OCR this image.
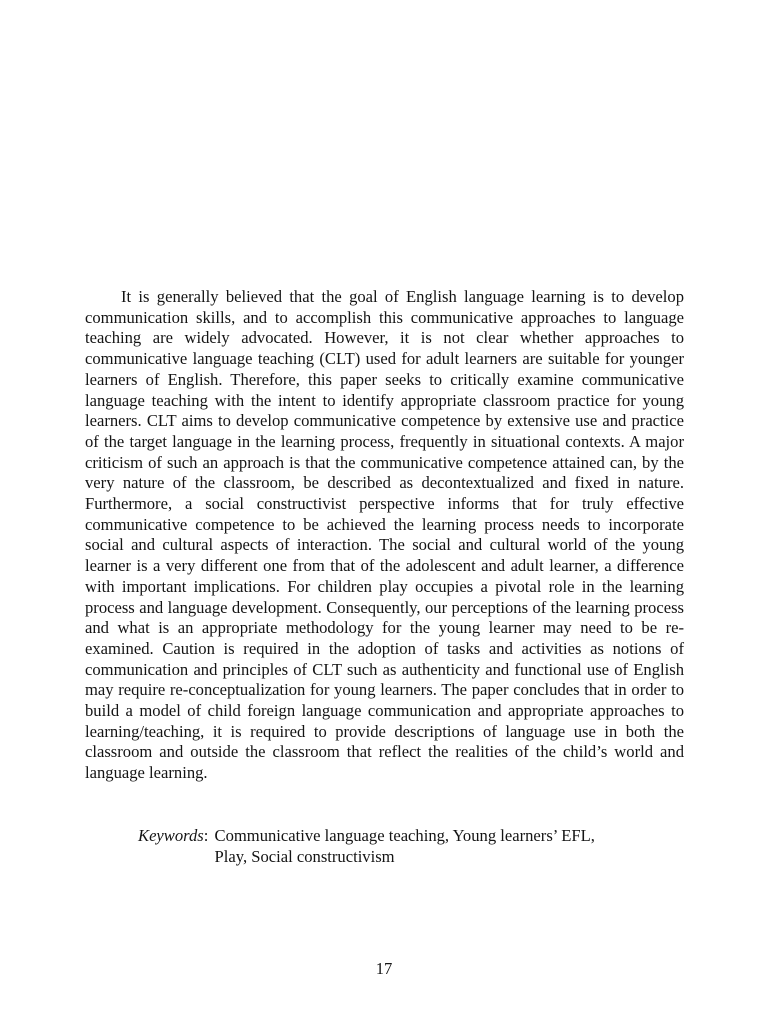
It is generally believed that the goal of English language learning is to develop communication skills, and to accomplish this communicative approaches to language teaching are widely advocated. However, it is not clear whether approaches to communicative language teaching (CLT) used for adult learners are suitable for younger learners of English. Therefore, this paper seeks to critically examine communicative language teaching with the intent to identify appropriate classroom practice for young learners. CLT aims to develop communicative competence by extensive use and practice of the target language in the learning process, frequently in situational contexts. A major criticism of such an approach is that the communicative competence attained can, by the very nature of the classroom, be described as decontextualized and fixed in nature. Furthermore, a social constructivist perspective informs that for truly effective communicative competence to be achieved the learning process needs to incorporate social and cultural aspects of interaction. The social and cultural world of the young learner is a very different one from that of the adolescent and adult learner, a difference with important implications. For children play occupies a pivotal role in the learning process and language development. Consequently, our perceptions of the learning process and what is an appropriate methodology for the young learner may need to be re-examined. Caution is required in the adoption of tasks and activities as notions of communication and principles of CLT such as authenticity and functional use of English may require re-conceptualization for young learners. The paper concludes that in order to build a model of child foreign language communication and appropriate approaches to learning/teaching, it is required to provide descriptions of language use in both the classroom and outside the classroom that reflect the realities of the child’s world and language learning.

Keywords : Communicative language teaching, Young learners’ EFL,
Play, Social constructivism
17
